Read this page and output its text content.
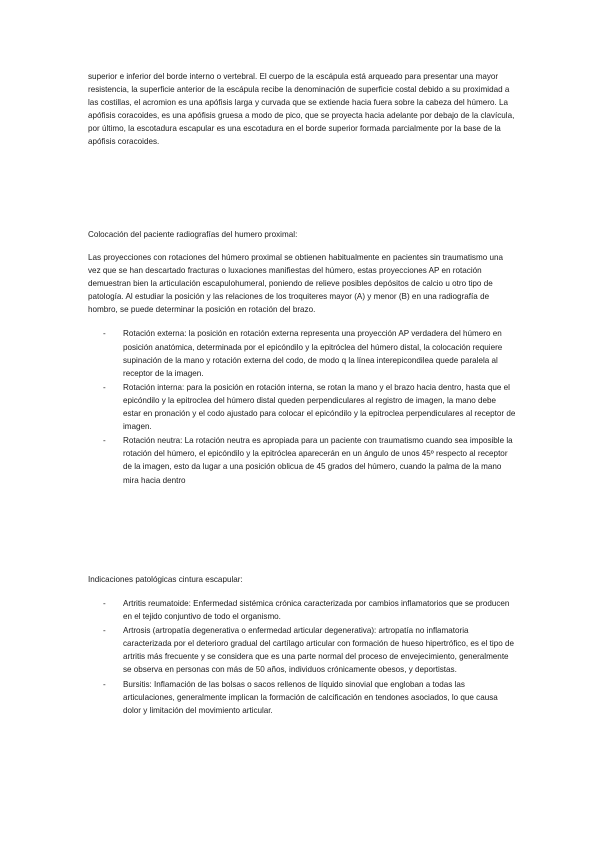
superior e inferior del borde interno o vertebral. El cuerpo de la escápula está arqueado para presentar una mayor resistencia, la superficie anterior de la escápula recibe la denominación de superficie costal debido a su proximidad a las costillas, el acromion es una apófisis larga y curvada que se extiende hacia fuera sobre la cabeza del húmero. La apófisis coracoides, es una apófisis gruesa a modo de pico, que se proyecta hacia adelante por debajo de la clavícula, por último, la escotadura escapular es una escotadura en el borde superior formada parcialmente por la base de la apófisis coracoides.

Colocación del paciente radiografías del humero proximal:

Las proyecciones con rotaciones del húmero proximal se obtienen habitualmente en pacientes sin traumatismo una vez que se han descartado fracturas o luxaciones manifiestas del húmero, estas proyecciones AP en rotación demuestran bien la articulación escapulohumeral, poniendo de relieve posibles depósitos de calcio u otro tipo de patología. Al estudiar la posición y las relaciones de los troquiteres mayor (A) y menor (B) en una radiografía de hombro, se puede determinar la posición en rotación del brazo.

- Rotación externa: la posición en rotación externa representa una proyección AP verdadera del húmero en posición anatómica, determinada por el epicóndilo y la epitróclea del húmero distal, la colocación requiere supinación de la mano y rotación externa del codo, de modo q la línea interepicondilea quede paralela al receptor de la imagen.
- Rotación interna: para la posición en rotación interna, se rotan la mano y el brazo hacia dentro, hasta que el epicóndilo y la epitroclea del húmero distal queden perpendiculares al registro de imagen, la mano debe estar en pronación y el codo ajustado para colocar el epicóndilo y la epitroclea perpendiculares al receptor de imagen.
- Rotación neutra: La rotación neutra es apropiada para un paciente con traumatismo cuando sea imposible la rotación del húmero, el epicóndilo y la epitróclea aparecerán en un ángulo de unos 45º respecto al receptor de la imagen, esto da lugar a una posición oblicua de 45 grados del húmero, cuando la palma de la mano mira hacia dentro

Indicaciones patológicas cintura escapular:

- Artritis reumatoide: Enfermedad sistémica crónica caracterizada por cambios inflamatorios que se producen en el tejido conjuntivo de todo el organismo.
- Artrosis (artropatía degenerativa o enfermedad articular degenerativa): artropatía no inflamatoria caracterizada por el deterioro gradual del cartílago articular con formación de hueso hipertrófico, es el tipo de artritis más frecuente y se considera que es una parte normal del proceso de envejecimiento, generalmente se observa en personas con más de 50 años, individuos crónicamente obesos, y deportistas.
- Bursitis: Inflamación de las bolsas o sacos rellenos de líquido sinovial que engloban a todas las articulaciones, generalmente implican la formación de calcificación en tendones asociados, lo que causa dolor y limitación del movimiento articular.
